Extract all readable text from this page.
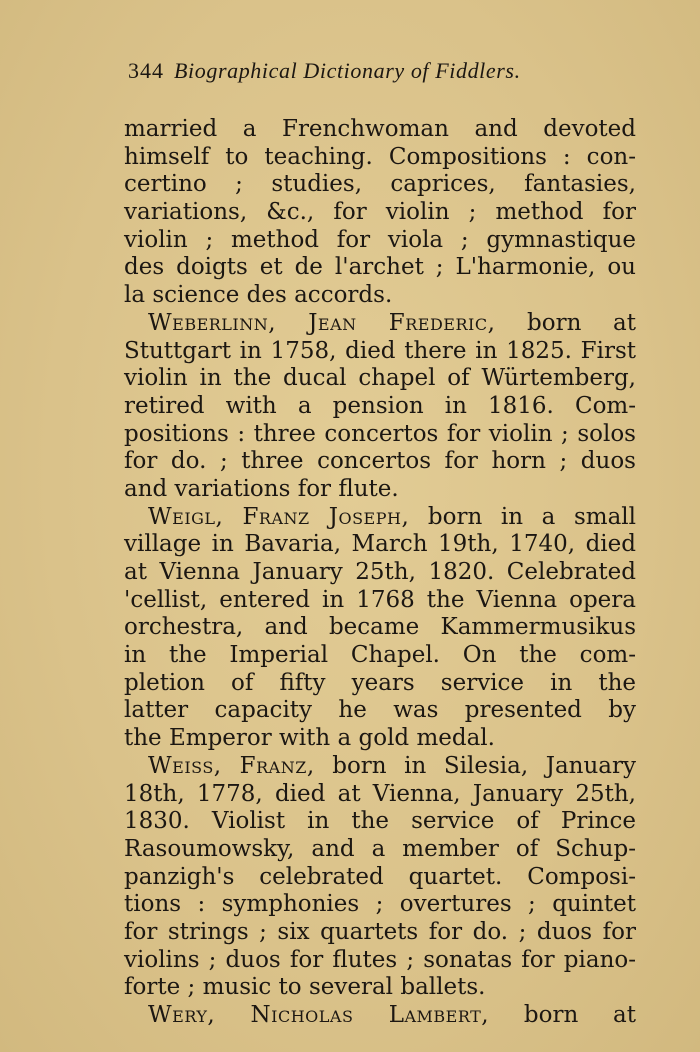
344 Biographical Dictionary of Fiddlers.
married a Frenchwoman and devoted
himself to teaching. Compositions : con-
certino ; studies, caprices, fantasies,
variations, &c., for violin ; method for
violin ; method for viola ; gymnastique
des doigts et de l'archet ; L'harmonie, ou
la science des accords.
Weberlinn, Jean Frederic, born at
Stuttgart in 1758, died there in 1825. First
violin in the ducal chapel of Würtemberg,
retired with a pension in 1816. Com-
positions : three concertos for violin ; solos
for do. ; three concertos for horn ; duos
and variations for flute.
Weigl, Franz Joseph, born in a small
village in Bavaria, March 19th, 1740, died
at Vienna January 25th, 1820. Celebrated
'cellist, entered in 1768 the Vienna opera
orchestra, and became Kammermusikus
in the Imperial Chapel. On the com-
pletion of fifty years service in the
latter capacity he was presented by
the Emperor with a gold medal.
Weiss, Franz, born in Silesia, January
18th, 1778, died at Vienna, January 25th,
1830. Violist in the service of Prince
Rasoumowsky, and a member of Schup-
panzigh's celebrated quartet. Composi-
tions : symphonies ; overtures ; quintet
for strings ; six quartets for do. ; duos for
violins ; duos for flutes ; sonatas for piano-
forte ; music to several ballets.
Wery, Nicholas Lambert, born at
